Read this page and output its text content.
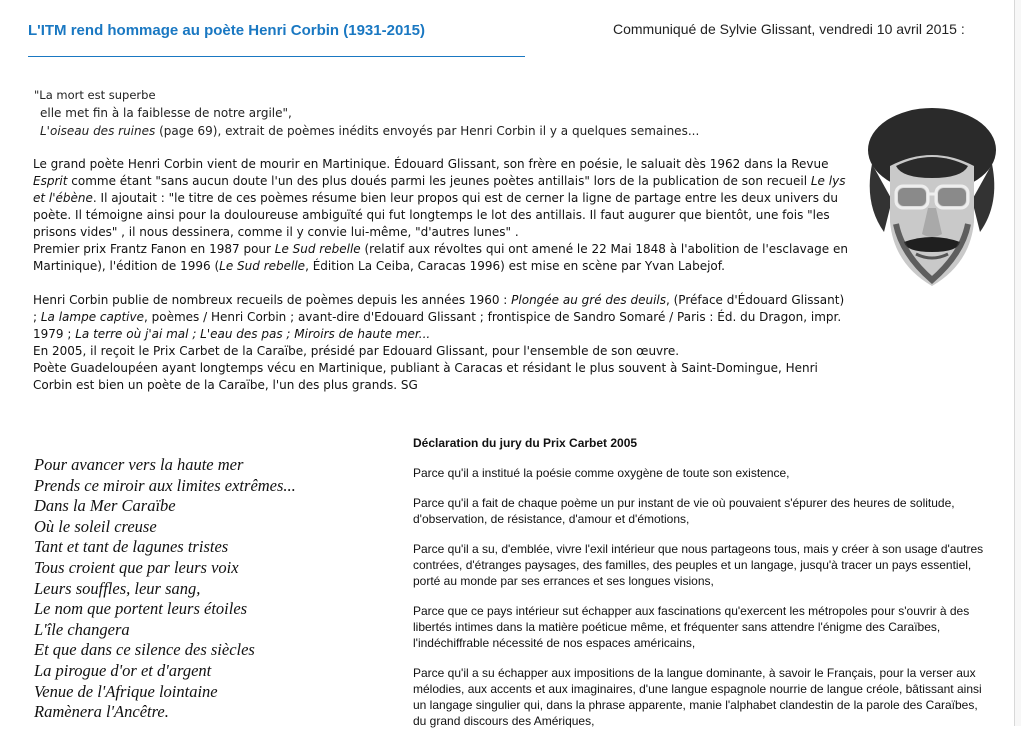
L'ITM rend hommage au poète Henri Corbin (1931-2015)	Communiqué de Sylvie Glissant, vendredi 10 avril 2015 :
"La mort est superbe
elle met fin à la faiblesse de notre argile",
L'oiseau des ruines (page 69), extrait de poèmes inédits envoyés par Henri Corbin il y a quelques semaines...

Le grand poète Henri Corbin vient de mourir en Martinique. Édouard Glissant, son frère en poésie, le saluait dès 1962 dans la Revue Esprit comme étant "sans aucun doute l'un des plus doués parmi les jeunes poètes antillais" lors de la publication de son recueil Le lys et l'ébène. Il ajoutait : "le titre de ces poèmes résume bien leur propos qui est de cerner la ligne de partage entre les deux univers du poète. Il témoigne ainsi pour la douloureuse ambiguïté qui fut longtemps le lot des antillais. Il faut augurer que bientôt, une fois "les prisons vides" , il nous dessinera, comme il y convie lui-même, "d'autres lunes" .

Premier prix Frantz Fanon en 1987 pour Le Sud rebelle (relatif aux révoltes qui ont amené le 22 Mai 1848 à l'abolition de l'esclavage en Martinique), l'édition de 1996 (Le Sud rebelle, Édition La Ceiba, Caracas 1996) est mise en scène par Yvan Labejof.

Henri Corbin publie de nombreux recueils de poèmes depuis les années 1960 : Plongée au gré des deuils, (Préface d'Édouard Glissant) ; La lampe captive, poèmes / Henri Corbin ; avant-dire d'Edouard Glissant ; frontispice de Sandro Somaré / Paris : Éd. du Dragon, impr. 1979 ; La terre où j'ai mal ; L'eau des pas ; Miroirs de haute mer...

En 2005, il reçoit le Prix Carbet de la Caraïbe, présidé par Edouard Glissant, pour l'ensemble de son œuvre.

Poète Guadeloupéen ayant longtemps vécu en Martinique, publiant à Caracas et résidant le plus souvent à Saint-Domingue, Henri Corbin est bien un poète de la Caraïbe, l'un des plus grands. SG

Pour avancer vers la haute mer
Prends ce miroir aux limites extrêmes...
Dans la Mer Caraïbe
Où le soleil creuse
Tant et tant de lagunes tristes
Tous croient que par leurs voix
Leurs souffles, leur sang,
Le nom que portent leurs étoiles
L'île changera
Et que dans ce silence des siècles
La pirogue d'or et d'argent
Venue de l'Afrique lointaine
Ramènera l'Ancêtre.
Déclaration du jury du Prix Carbet 2005

Parce qu'il a institué la poésie comme oxygène de toute son existence,

Parce qu'il a fait de chaque poème un pur instant de vie où pouvaient s'épurer des heures de solitude, d'observation, de résistance, d'amour et d'émotions,

Parce qu'il a su, d'emblée, vivre l'exil intérieur que nous partageons tous, mais y créer à son usage d'autres contrées, d'étranges paysages, des familles, des peuples et un langage, jusqu'à tracer un pays essentiel, porté au monde par ses errances et ses longues visions,

Parce que ce pays intérieur sut échapper aux fascinations qu'exercent les métropoles pour s'ouvrir à des libertés intimes dans la matière poéticue même, et fréquenter sans attendre l'énigme des Caraïbes, l'indéchiffrable nécessité de nos espaces américains,

Parce qu'il a su échapper aux impositions de la langue dominante, à savoir le Français, pour la verser aux mélodies, aux accents et aux imaginaires, d'une langue espagnole nourrie de langue créole, bâtissant ainsi un langage singulier qui, dans la phrase apparente, manie l'alphabet clandestin de la parole des Caraïbes, du grand discours des Amériques,
